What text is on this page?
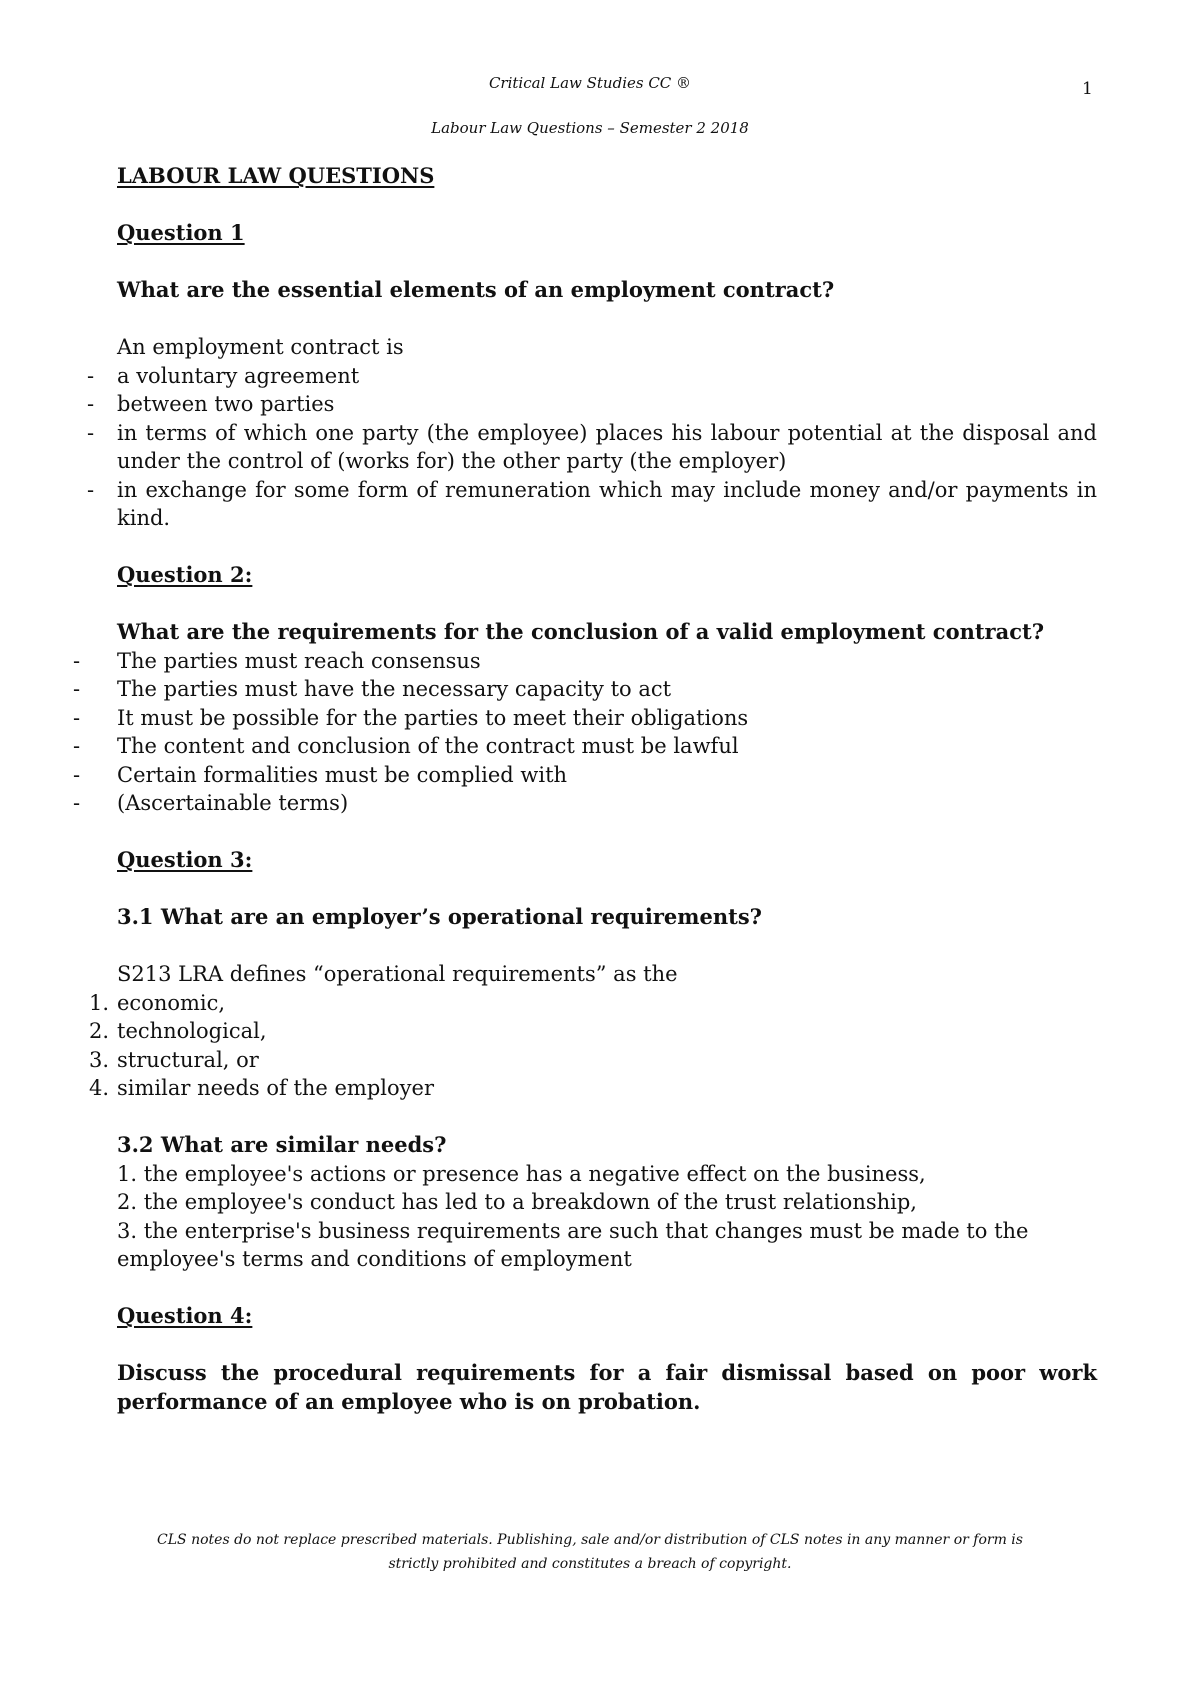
Critical Law Studies CC ®	1
Labour Law Questions – Semester 2 2018

LABOUR LAW QUESTIONS

Question 1

What are the essential elements of an employment contract?

An employment contract is

- a voluntary agreement
- between two parties
- in terms of which one party (the employee) places his labour potential at the disposal and under the control of (works for) the other party (the employer)
- in exchange for some form of remuneration which may include money and/or payments in kind.

Question 2:

What are the requirements for the conclusion of a valid employment contract?

- The parties must reach consensus
- The parties must have the necessary capacity to act
- It must be possible for the parties to meet their obligations
- The content and conclusion of the contract must be lawful
- Certain formalities must be complied with
- (Ascertainable terms)

Question 3:

3.1 What are an employer’s operational requirements?

S213 LRA defines “operational requirements” as the

1. economic,
2. technological,
3. structural, or
4. similar needs of the employer

3.2 What are similar needs?

1. the employee's actions or presence has a negative effect on the business,

2. the employee's conduct has led to a breakdown of the trust relationship,

3. the enterprise's business requirements are such that changes must be made to the employee's terms and conditions of employment

Question 4:

Discuss the procedural requirements for a fair dismissal based on poor work performance of an employee who is on probation.

CLS notes do not replace prescribed materials. Publishing, sale and/or distribution of CLS notes in any manner or form is
strictly prohibited and constitutes a breach of copyright.
